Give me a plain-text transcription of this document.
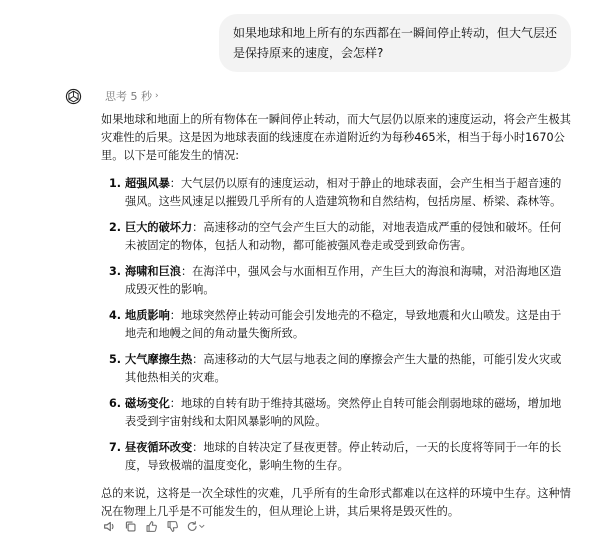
如果地球和地上所有的东西都在一瞬间停止转动，但大气层还是保持原来的速度，会怎样?
思考 5 秒 ›

如果地球和地面上的所有物体在一瞬间停止转动，而大气层仍以原来的速度运动，将会产生极其灾难性的后果。这是因为地球表面的线速度在赤道附近约为每秒465米，相当于每小时1670公里。以下是可能发生的情况:

1. 超强风暴：大气层仍以原有的速度运动，相对于静止的地球表面，会产生相当于超音速的强风。这些风速足以摧毁几乎所有的人造建筑物和自然结构，包括房屋、桥梁、森林等。
2. 巨大的破坏力：高速移动的空气会产生巨大的动能，对地表造成严重的侵蚀和破坏。任何未被固定的物体，包括人和动物，都可能被强风卷走或受到致命伤害。
3. 海啸和巨浪：在海洋中，强风会与水面相互作用，产生巨大的海浪和海啸，对沿海地区造成毁灭性的影响。
4. 地质影响：地球突然停止转动可能会引发地壳的不稳定，导致地震和火山喷发。这是由于地壳和地幔之间的角动量失衡所致。
5. 大气摩擦生热：高速移动的大气层与地表之间的摩擦会产生大量的热能，可能引发火灾或其他热相关的灾难。
6. 磁场变化：地球的自转有助于维持其磁场。突然停止自转可能会削弱地球的磁场，增加地表受到宇宙射线和太阳风暴影响的风险。
7. 昼夜循环改变：地球的自转决定了昼夜更替。停止转动后，一天的长度将等同于一年的长度，导致极端的温度变化，影响生物的生存。

总的来说，这将是一次全球性的灾难，几乎所有的生命形式都难以在这样的环境中生存。这种情况在物理上几乎是不可能发生的，但从理论上讲，其后果将是毁灭性的。
